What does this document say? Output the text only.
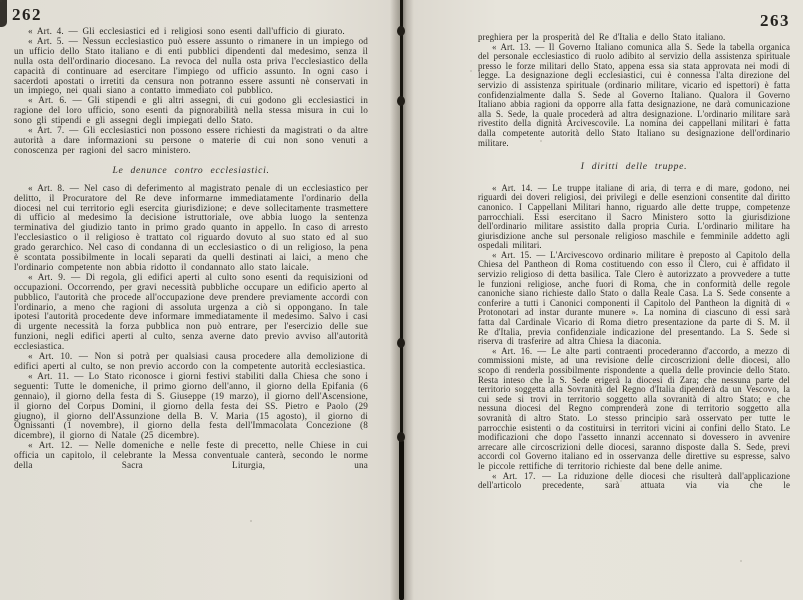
262

« Art. 4. — Gli ecclesiastici ed i religiosi sono esenti dall'ufficio di giurato.

« Art. 5. — Nessun ecclesiastico può essere assunto o rimanere in un impiego od un ufficio dello Stato italiano e di enti pubblici dipendenti dal medesimo, senza il nulla osta dell'ordinario diocesano. La revoca del nulla osta priva l'ecclesiastico della capacità di continuare ad esercitare l'impiego od ufficio assunto. In ogni caso i sacerdoti apostati o irretiti da censura non potranno essere assunti nè conservati in un impiego, nei quali siano a contatto immediato col pubblico.

« Art. 6. — Gli stipendi e gli altri assegni, di cui godono gli ecclesiastici in ragione del loro ufficio, sono esenti da pignorabilità nella stessa misura in cui lo sono gli stipendi e gli assegni degli impiegati dello Stato.

« Art. 7. — Gli ecclesiastici non possono essere richiesti da magistrati o da altre autorità a dare informazioni su persone o materie di cui non sono venuti a conoscenza per ragioni del sacro ministero.

Le denunce contro ecclesiastici.

« Art. 8. — Nel caso di deferimento al magistrato penale di un ecclesiastico per delitto, il Procuratore del Re deve informarne immediatamente l'ordinario della diocesi nel cui territorio egli esercita giurisdizione; e deve sollecitamente trasmettere di ufficio al medesimo la decisione istruttoriale, ove abbia luogo la sentenza terminativa del giudizio tanto in primo grado quanto in appello. In caso di arresto l'ecclesiastico o il religioso è trattato col riguardo dovuto al suo stato ed al suo grado gerarchico. Nel caso di condanna di un ecclesiastico o di un religioso, la pena è scontata possibilmente in locali separati da quelli destinati ai laici, a meno che l'ordinario competente non abbia ridotto il condannato allo stato laicale.

« Art. 9. — Di regola, gli edifici aperti al culto sono esenti da requisizioni od occupazioni. Occorrendo, per gravi necessità pubbliche occupare un edificio aperto al pubblico, l'autorità che procede all'occupazione deve prendere previamente accordi con l'ordinario, a meno che ragioni di assoluta urgenza a ciò si oppongano. In tale ipotesi l'autorità procedente deve informare immediatamente il medesimo. Salvo i casi di urgente necessità la forza pubblica non può entrare, per l'esercizio delle sue funzioni, negli edifici aperti al culto, senza averne dato previo avviso all'autorità ecclesiastica.

« Art. 10. — Non si potrà per qualsiasi causa procedere alla demolizione di edifici aperti al culto, se non previo accordo con la competente autorità ecclesiastica.

« Art. 11. — Lo Stato riconosce i giorni festivi stabiliti dalla Chiesa che sono i seguenti: Tutte le domeniche, il primo giorno dell'anno, il giorno della Epifania (6 gennaio), il giorno della festa di S. Giuseppe (19 marzo), il giorno dell'Ascensione, il giorno del Corpus Domini, il giorno della festa dei SS. Pietro e Paolo (29 giugno), il giorno dell'Assunzione della B. V. Maria (15 agosto), il giorno di Ognissanti (1 novembre), il giorno della festa dell'Immacolata Concezione (8 dicembre), il giorno di Natale (25 dicembre).

« Art. 12. — Nelle domeniche e nelle feste di precetto, nelle Chiese in cui officia un capitolo, il celebrante la Messa conventuale canterà, secondo le norme della Sacra Liturgia, una

263

preghiera per la prosperità del Re d'Italia e dello Stato italiano.

« Art. 13. — Il Governo Italiano comunica alla S. Sede la tabella organica del personale ecclesiastico di ruolo adibito al servizio della assistenza spirituale presso le forze militari dello Stato, appena essa sia stata approvata nei modi di legge. La designazione degli ecclesiastici, cui è connessa l'alta direzione del servizio di assistenza spirituale (ordinario militare, vicario ed ispettori) è fatta confidenzialmente dalla S. Sede al Governo Italiano. Qualora il Governo Italiano abbia ragioni da opporre alla fatta designazione, ne darà comunicazione alla S. Sede, la quale procederà ad altra designazione. L'ordinario militare sarà rivestito della dignità Arcivescovile. La nomina dei cappellani militari è fatta dalla competente autorità dello Stato Italiano su designazione dell'ordinario militare.

I diritti delle truppe.

« Art. 14. — Le truppe italiane di aria, di terra e di mare, godono, nei riguardi dei doveri religiosi, dei privilegi e delle esenzioni consentite dal diritto canonico. I Cappellani Militari hanno, riguardo alle dette truppe, competenze parrocchiali. Essi esercitano il Sacro Ministero sotto la giurisdizione dell'ordinario militare assistito dalla propria Curia. L'ordinario militare ha giurisdizione anche sul personale religioso maschile e femminile addetto agli ospedali militari.

« Art. 15. — L'Arcivescovo ordinario militare è preposto al Capitolo della Chiesa del Pantheon di Roma costituendo con esso il Clero, cui è affidato il servizio religioso di detta basilica. Tale Clero è autorizzato a provvedere a tutte le funzioni religiose, anche fuori di Roma, che in conformità delle regole canoniche siano richieste dallo Stato o dalla Reale Casa. La S. Sede consente a conferire a tutti i Canonici componenti il Capitolo del Pantheon la dignità di « Protonotari ad instar durante munere ». La nomina di ciascuno di essi sarà fatta dal Cardinale Vicario di Roma dietro presentazione da parte di S. M. il Re d'Italia, previa confidenziale indicazione del presentando. La S. Sede si riserva di trasferire ad altra Chiesa la diaconia.

« Art. 16. — Le alte parti contraenti procederanno d'accordo, a mezzo di commissioni miste, ad una revisione delle circoscrizioni delle diocesi, allo scopo di renderla possibilmente rispondente a quella delle provincie dello Stato. Resta inteso che la S. Sede erigerà la diocesi di Zara; che nessuna parte del territorio soggetta alla Sovranità del Regno d'Italia dipenderà da un Vescovo, la cui sede si trovi in territorio soggetto alla sovranità di altro Stato; e che nessuna diocesi del Regno comprenderà zone di territorio soggetto alla sovranità di altro Stato. Lo stesso principio sarà osservato per tutte le parrocchie esistenti o da costituirsi in territori vicini ai confini dello Stato. Le modificazioni che dopo l'assetto innanzi accennato si dovessero in avvenire arrecare alle circoscrizioni delle diocesi, saranno disposte dalla S. Sede, previ accordi col Governo italiano ed in osservanza delle direttive su espresse, salvo le piccole rettifiche di territorio richieste dal bene delle anime.

« Art. 17. — La riduzione delle diocesi che risulterà dall'applicazione dell'articolo precedente, sarà attuata via via che le
